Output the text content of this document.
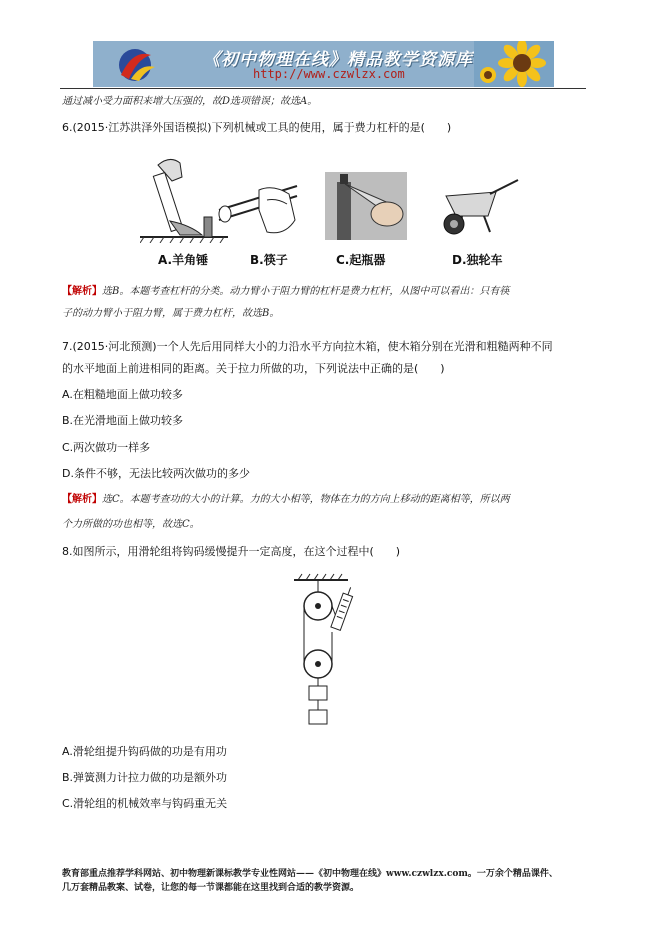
《初中物理在线》精品教学资源库
http://www.czwlzx.com
通过减小受力面积来增大压强的，故D选项错误；故选A。
6.(2015·江苏洪泽外国语模拟)下列机械或工具的使用，属于费力杠杆的是(　　)
A.羊角锤	B.筷子	C.起瓶器	D.独轮车
【解析】选B。本题考查杠杆的分类。动力臂小于阻力臂的杠杆是费力杠杆，从图中可以看出：只有筷
子的动力臂小于阻力臂，属于费力杠杆，故选B。
7.(2015·河北预测)一个人先后用同样大小的力沿水平方向拉木箱，使木箱分别在光滑和粗糙两种不同
的水平地面上前进相同的距离。关于拉力所做的功，下列说法中正确的是(　　)
A.在粗糙地面上做功较多
B.在光滑地面上做功较多
C.两次做功一样多
D.条件不够，无法比较两次做功的多少
【解析】选C。本题考查功的大小的计算。力的大小相等，物体在力的方向上移动的距离相等，所以两
个力所做的功也相等，故选C。
8.如图所示，用滑轮组将钩码缓慢提升一定高度，在这个过程中(　　)
A.滑轮组提升钩码做的功是有用功
B.弹簧测力计拉力做的功是额外功
C.滑轮组的机械效率与钩码重无关
教育部重点推荐学科网站、初中物理新课标教学专业性网站——《初中物理在线》www.czwlzx.com。一万余个精品课件、
几万套精品教案、试卷，让您的每一节课都能在这里找到合适的教学资源。
